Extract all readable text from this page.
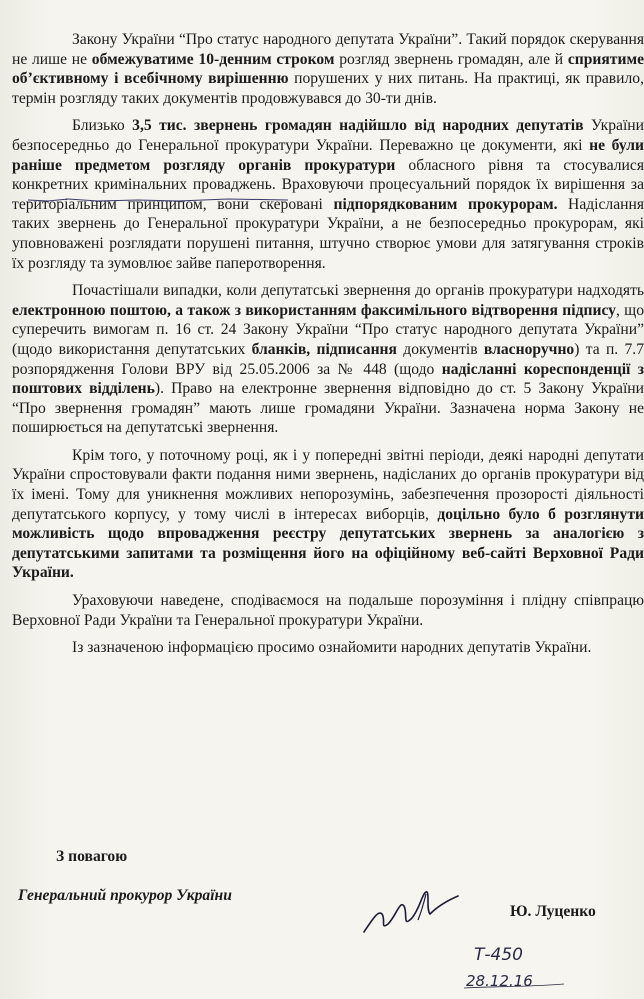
Закону України “Про статус народного депутата України”. Такий порядок скерування не лише не обмежуватиме 10-денним строком розгляд звернень громадян, але й сприятиме об’єктивному і всебічному вирішенню порушених у них питань. На практиці, як правило, термін розгляду таких документів продовжувався до 30-ти днів.

Близько 3,5 тис. звернень громадян надійшло від народних депутатів України безпосередньо до Генеральної прокуратури України. Переважно це документи, які не були раніше предметом розгляду органів прокуратури обласного рівня та стосувалися конкретних кримінальних проваджень. Враховуючи процесуальний порядок їх вирішення за територіальним принципом, вони скеровані підпорядкованим прокурорам. Надіслання таких звернень до Генеральної прокуратури України, а не безпосередньо прокурорам, які уповноважені розглядати порушені питання, штучно створює умови для затягування строків їх розгляду та зумовлює зайве паперотворення.

Почастішали випадки, коли депутатські звернення до органів прокуратури надходять електронною поштою, а також з використанням факсимільного відтворення підпису, що суперечить вимогам п. 16 ст. 24 Закону України “Про статус народного депутата України” (щодо використання депутатських бланків, підписання документів власноручно) та п. 7.7 розпорядження Голови ВРУ від 25.05.2006 за № 448 (щодо надісланні кореспонденції з поштових відділень). Право на електронне звернення відповідно до ст. 5 Закону України “Про звернення громадян” мають лише громадяни України. Зазначена норма Закону не поширюється на депутатські звернення.

Крім того, у поточному році, як і у попередні звітні періоди, деякі народні депутати України спростовували факти подання ними звернень, надісланих до органів прокуратури від їх імені. Тому для уникнення можливих непорозумінь, забезпечення прозорості діяльності депутатського корпусу, у тому числі в інтересах виборців, доцільно було б розглянути можливість щодо впровадження реєстру депутатських звернень за аналогією з депутатськими запитами та розміщення його на офіційному веб-сайті Верховної Ради України.

Ураховуючи наведене, сподіваємося на подальше порозуміння і плідну співпрацю Верховної Ради України та Генеральної прокуратури України.

Із зазначеною інформацією просимо ознайомити народних депутатів України.

З повагою
Генеральний прокурор України
Ю. Луценко
Т-450
28.12.16
